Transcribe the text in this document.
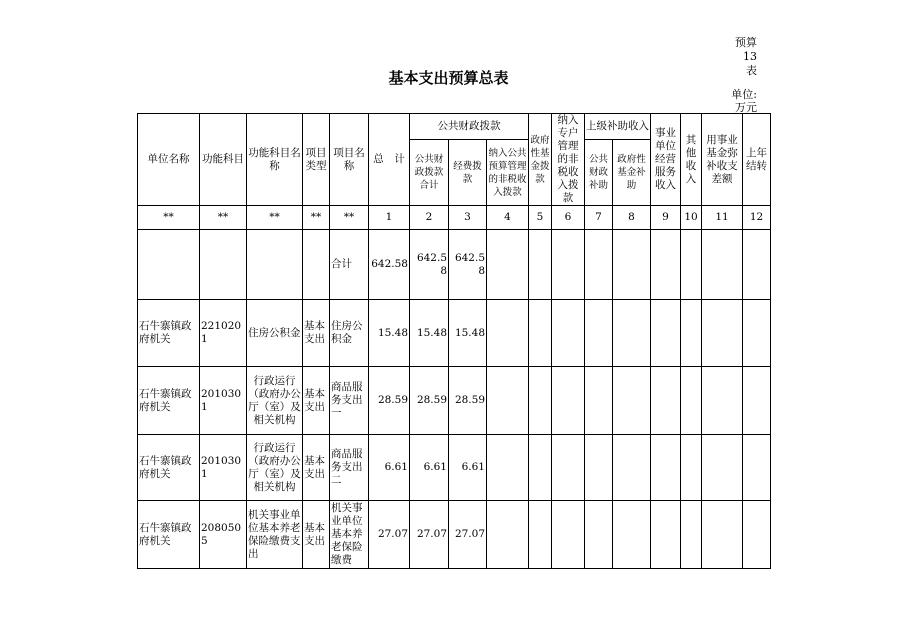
预算13表
基本支出预算总表
单位:万元
单位名称	功能科目	功能科目名称	项目类型	项目名称	总　计	公共财政拨款			政府性基金拨款	纳入专户管理的非税收入拨款	上级补助收入		事业单位经营服务收入	其他收入	用事业基金弥补收支差额	上年结转
						公共财政拨款合计	经费拨款	纳入公共预算管理的非税收入拨款			公共财政补助	政府性基金补助				
**	**	**	**	**	1	2	3	4	5	6	7	8	9	10	11	12
				合计	642.58	642.58	642.58									
石牛寨镇政府机关	2210201	住房公积金	基本支出	住房公积金	15.48	15.48	15.48									
石牛寨镇政府机关	2010301	行政运行（政府办公厅（室）及相关机构	基本支出	商品服务支出一	28.59	28.59	28.59									
石牛寨镇政府机关	2010301	行政运行（政府办公厅（室）及相关机构	基本支出	商品服务支出二	6.61	6.61	6.61									
石牛寨镇政府机关	2080505	机关事业单位基本养老保险缴费支出	基本支出	机关事业单位基本养老保险缴费	27.07	27.07	27.07									
